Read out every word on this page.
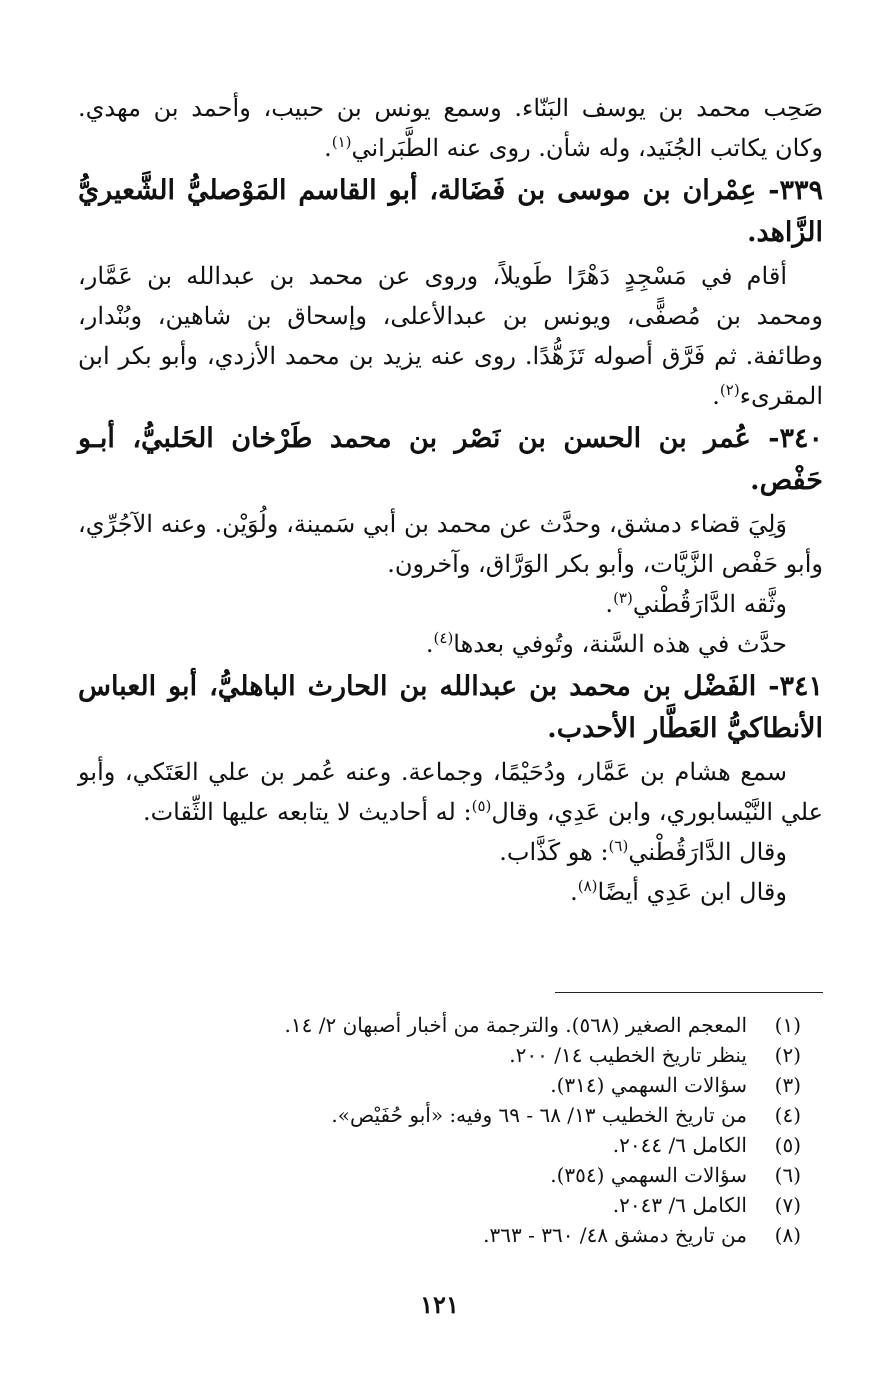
صَحِب محمد بن يوسف البَنّاء. وسمع يونس بن حبيب، وأحمد بن مهدي. وكان يكاتب الجُنَيد، وله شأن. روى عنه الطَّبَراني$^{(١)}$.

٣٣٩- عِمْران بن موسى بن فَضَالة، أبو القاسم المَوْصليُّ الشَّعيريُّ الزَّاهد.

أقام في مَسْجِدٍ دَهْرًا طَويلاً، وروى عن محمد بن عبدالله بن عَمَّار، ومحمد بن مُصفًّى، ويونس بن عبدالأعلى، وإسحاق بن شاهين، وبُنْدار، وطائفة. ثم فَرَّق أصوله تَزَهُّدًا. روى عنه يزيد بن محمد الأزدي، وأبو بكر ابن المقرىء$^{(٢)}$.

٣٤٠- عُمر بن الحسن بن نَصْر بن محمد طَرْخان الحَلبيُّ، أبـو حَفْص.

وَلِيَ قضاء دمشق، وحدَّث عن محمد بن أبي سَمينة، ولُوَيْن. وعنه الآجُرِّي، وأبو حَفْص الزَّيَّات، وأبو بكر الوَرَّاق، وآخرون.

وثَّقه الدَّارَقُطْني$^{(٣)}$.

حدَّث في هذه السَّنة، وتُوفي بعدها$^{(٤)}$.

٣٤١- الفَضْل بن محمد بن عبدالله بن الحارث الباهليُّ، أبو العباس الأنطاكيُّ العَطَّار الأحدب.

سمع هشام بن عَمَّار، ودُحَيْمًا، وجماعة. وعنه عُمر بن علي العَتَكي، وأبو علي النَّيْسابوري، وابن عَدِي، وقال$^{(٥)}$: له أحاديث لا يتابعه عليها الثِّقات.

وقال الدَّارَقُطْني$^{(٦)}$: هو كَذَّاب.

وقال ابن عَدِي أيضًا$^{(٨)}$.

(١)
المعجم الصغير (٥٦٨). والترجمة من أخبار أصبهان ٢/ ١٤.
(٢)
ينظر تاريخ الخطيب ١٤/ ٢٠٠.
(٣)
سؤالات السهمي (٣١٤).
(٤)
من تاريخ الخطيب ١٣/ ٦٨ - ٦٩ وفيه: «أبو حُفَيْص».
(٥)
الكامل ٦/ ٢٠٤٤.
(٦)
سؤالات السهمي (٣٥٤).
(٧)
الكامل ٦/ ٢٠٤٣.
(٨)
من تاريخ دمشق ٤٨/ ٣٦٠ - ٣٦٣.
١٢١
